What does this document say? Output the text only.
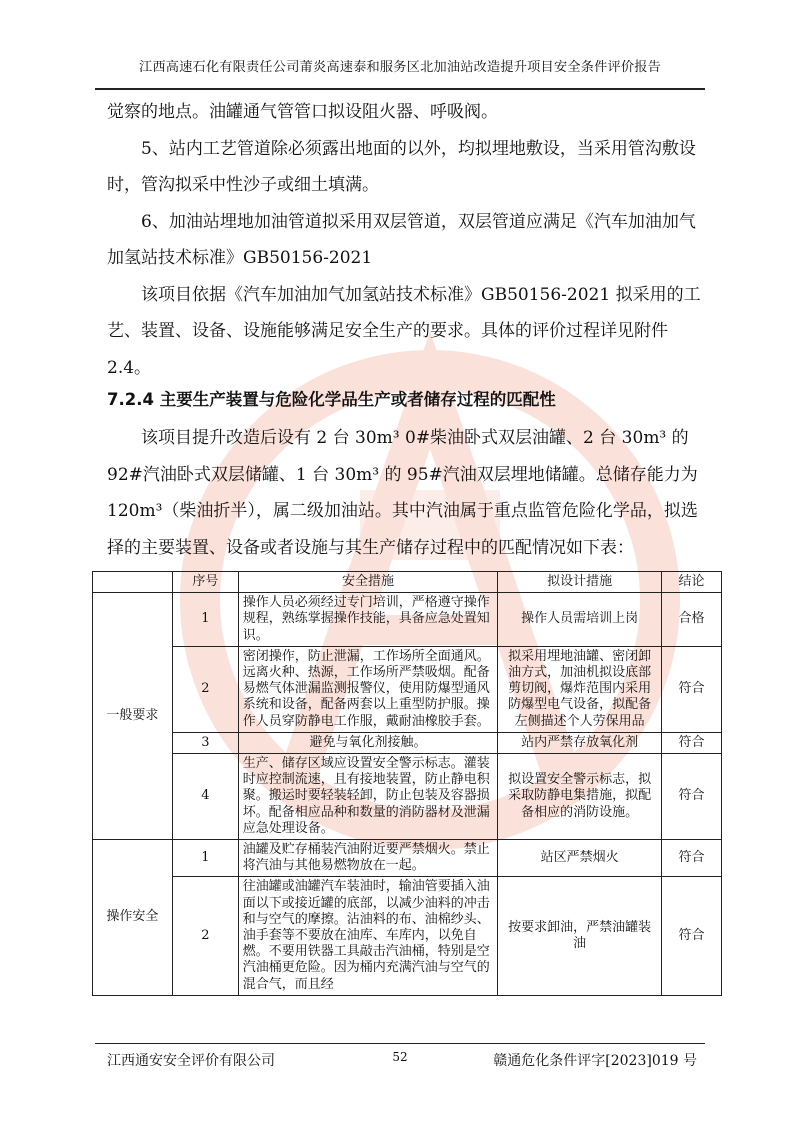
江西高速石化有限责任公司莆炎高速泰和服务区北加油站改造提升项目安全条件评价报告

觉察的地点。油罐通气管管口拟设阻火器、呼吸阀。

5、站内工艺管道除必须露出地面的以外，均拟埋地敷设，当采用管沟敷设时，管沟拟采中性沙子或细土填满。

6、加油站埋地加油管道拟采用双层管道，双层管道应满足《汽车加油加气加氢站技术标准》GB50156-2021

该项目依据《汽车加油加气加氢站技术标准》GB50156-2021 拟采用的工艺、装置、设备、设施能够满足安全生产的要求。具体的评价过程详见附件 2.4。

7.2.4 主要生产装置与危险化学品生产或者储存过程的匹配性
该项目提升改造后设有 2 台 30m³ 0#柴油卧式双层油罐、2 台 30m³ 的 92#汽油卧式双层储罐、1 台 30m³ 的 95#汽油双层埋地储罐。总储存能力为 120m³（柴油折半），属二级加油站。其中汽油属于重点监管危险化学品，拟选择的主要装置、设备或者设施与其生产储存过程中的匹配情况如下表：
	序号	安全措施	拟设计措施	结论
一般要求	1	操作人员必须经过专门培训，严格遵守操作规程，熟练掌握操作技能，具备应急处置知识。	操作人员需培训上岗	合格
	2	密闭操作，防止泄漏，工作场所全面通风。远离火种、热源，工作场所严禁吸烟。配备易燃气体泄漏监测报警仪，使用防爆型通风系统和设备，配备两套以上重型防护服。操作人员穿防静电工作服，戴耐油橡胶手套。	拟采用埋地油罐、密闭卸油方式，加油机拟设底部剪切阀，爆炸范围内采用防爆型电气设备，拟配备左侧描述个人劳保用品	符合
	3	避免与氧化剂接触。	站内严禁存放氧化剂	符合
	4	生产、储存区域应设置安全警示标志。灌装时应控制流速，且有接地装置，防止静电积聚。搬运时要轻装轻卸，防止包装及容器损坏。配备相应品种和数量的消防器材及泄漏应急处理设备。	拟设置安全警示标志，拟采取防静电集措施，拟配备相应的消防设施。	符合
操作安全	1	油罐及贮存桶装汽油附近要严禁烟火。禁止将汽油与其他易燃物放在一起。	站区严禁烟火	符合
	2	往油罐或油罐汽车装油时，输油管要插入油面以下或接近罐的底部，以减少油料的冲击和与空气的摩擦。沾油料的布、油棉纱头、油手套等不要放在油库、车库内，以免自燃。不要用铁器工具敲击汽油桶，特别是空汽油桶更危险。因为桶内充满汽油与空气的混合气，而且经	按要求卸油，严禁油罐装油	符合
江西通安安全评价有限公司	52	赣通危化条件评字[2023]019 号
